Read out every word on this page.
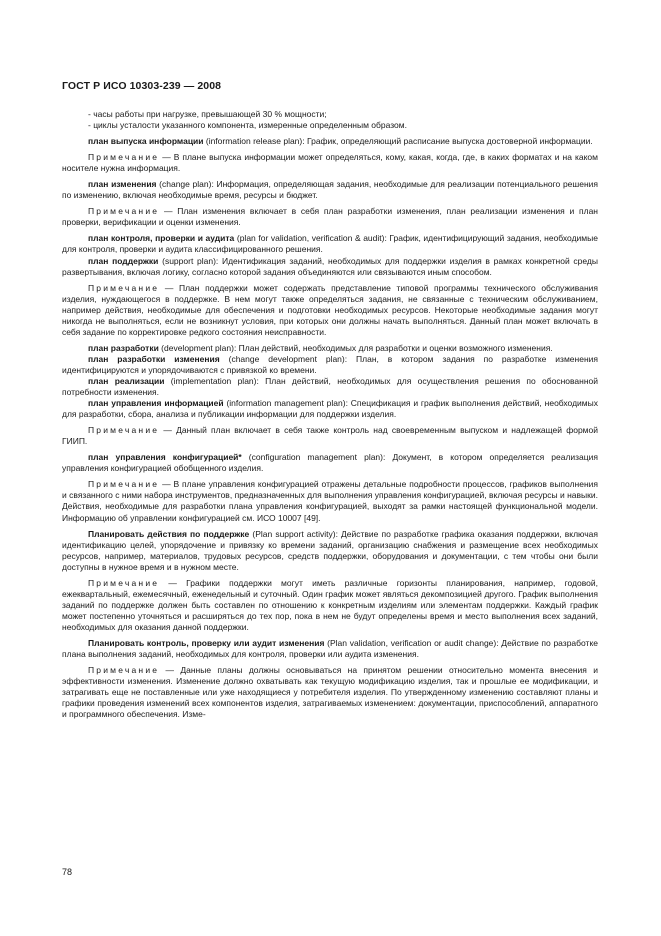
ГОСТ Р ИСО 10303-239 — 2008

- часы работы при нагрузке, превышающей 30 % мощности;

- циклы усталости указанного компонента, измеренные определенным образом.

план выпуска информации (information release plan): График, определяющий расписание выпуска достоверной информации.

Примечание — В плане выпуска информации может определяться, кому, какая, когда, где, в каких форматах и на каком носителе нужна информация.

план изменения (change plan): Информация, определяющая задания, необходимые для реализации потенциального решения по изменению, включая необходимые время, ресурсы и бюджет.

Примечание — План изменения включает в себя план разработки изменения, план реализации изменения и план проверки, верификации и оценки изменения.

план контроля, проверки и аудита (plan for validation, verification & audit): График, идентифицирующий задания, необходимые для контроля, проверки и аудита классифицированного решения.

план поддержки (support plan): Идентификация заданий, необходимых для поддержки изделия в рамках конкретной среды развертывания, включая логику, согласно которой задания объединяются или связываются иным способом.

Примечание — План поддержки может содержать представление типовой программы технического обслуживания изделия, нуждающегося в поддержке. В нем могут также определяться задания, не связанные с техническим обслуживанием, например действия, необходимые для обеспечения и подготовки необходимых ресурсов. Некоторые необходимые задания могут никогда не выполняться, если не возникнут условия, при которых они должны начать выполняться. Данный план может включать в себя задание по корректировке редкого состояния неисправности.

план разработки (development plan): План действий, необходимых для разработки и оценки возможного изменения.

план разработки изменения (change development plan): План, в котором задания по разработке изменения идентифицируются и упорядочиваются с привязкой ко времени.

план реализации (implementation plan): План действий, необходимых для осуществления решения по обоснованной потребности изменения.

план управления информацией (information management plan): Спецификация и график выполнения действий, необходимых для разработки, сбора, анализа и публикации информации для поддержки изделия.

Примечание — Данный план включает в себя также контроль над своевременным выпуском и надлежащей формой ГИИП.

план управления конфигурацией* (configuration management plan): Документ, в котором определяется реализация управления конфигурацией обобщенного изделия.

Примечание — В плане управления конфигурацией отражены детальные подробности процессов, графиков выполнения и связанного с ними набора инструментов, предназначенных для выполнения управления конфигурацией, включая ресурсы и навыки. Действия, необходимые для разработки плана управления конфигурацией, выходят за рамки настоящей функциональной модели. Информацию об управлении конфигурацией см. ИСО 10007 [49].

Планировать действия по поддержке (Plan support activity): Действие по разработке графика оказания поддержки, включая идентификацию целей, упорядочение и привязку ко времени заданий, организацию снабжения и размещение всех необходимых ресурсов, например, материалов, трудовых ресурсов, средств поддержки, оборудования и документации, с тем чтобы они были доступны в нужное время и в нужном месте.

Примечание — Графики поддержки могут иметь различные горизонты планирования, например, годовой, ежеквартальный, ежемесячный, еженедельный и суточный. Один график может являться декомпозицией другого. График выполнения заданий по поддержке должен быть составлен по отношению к конкретным изделиям или элементам поддержки. Каждый график может постепенно уточняться и расширяться до тех пор, пока в нем не будут определены время и место выполнения всех заданий, необходимых для оказания данной поддержки.

Планировать контроль, проверку или аудит изменения (Plan validation, verification or audit change): Действие по разработке плана выполнения заданий, необходимых для контроля, проверки или аудита изменения.

Примечание — Данные планы должны основываться на принятом решении относительно момента внесения и эффективности изменения. Изменение должно охватывать как текущую модификацию изделия, так и прошлые ее модификации, и затрагивать еще не поставленные или уже находящиеся у потребителя изделия. По утвержденному изменению составляют планы и графики проведения изменений всех компонентов изделия, затрагиваемых изменением: документации, приспособлений, аппаратного и программного обеспечения. Изме-

78
